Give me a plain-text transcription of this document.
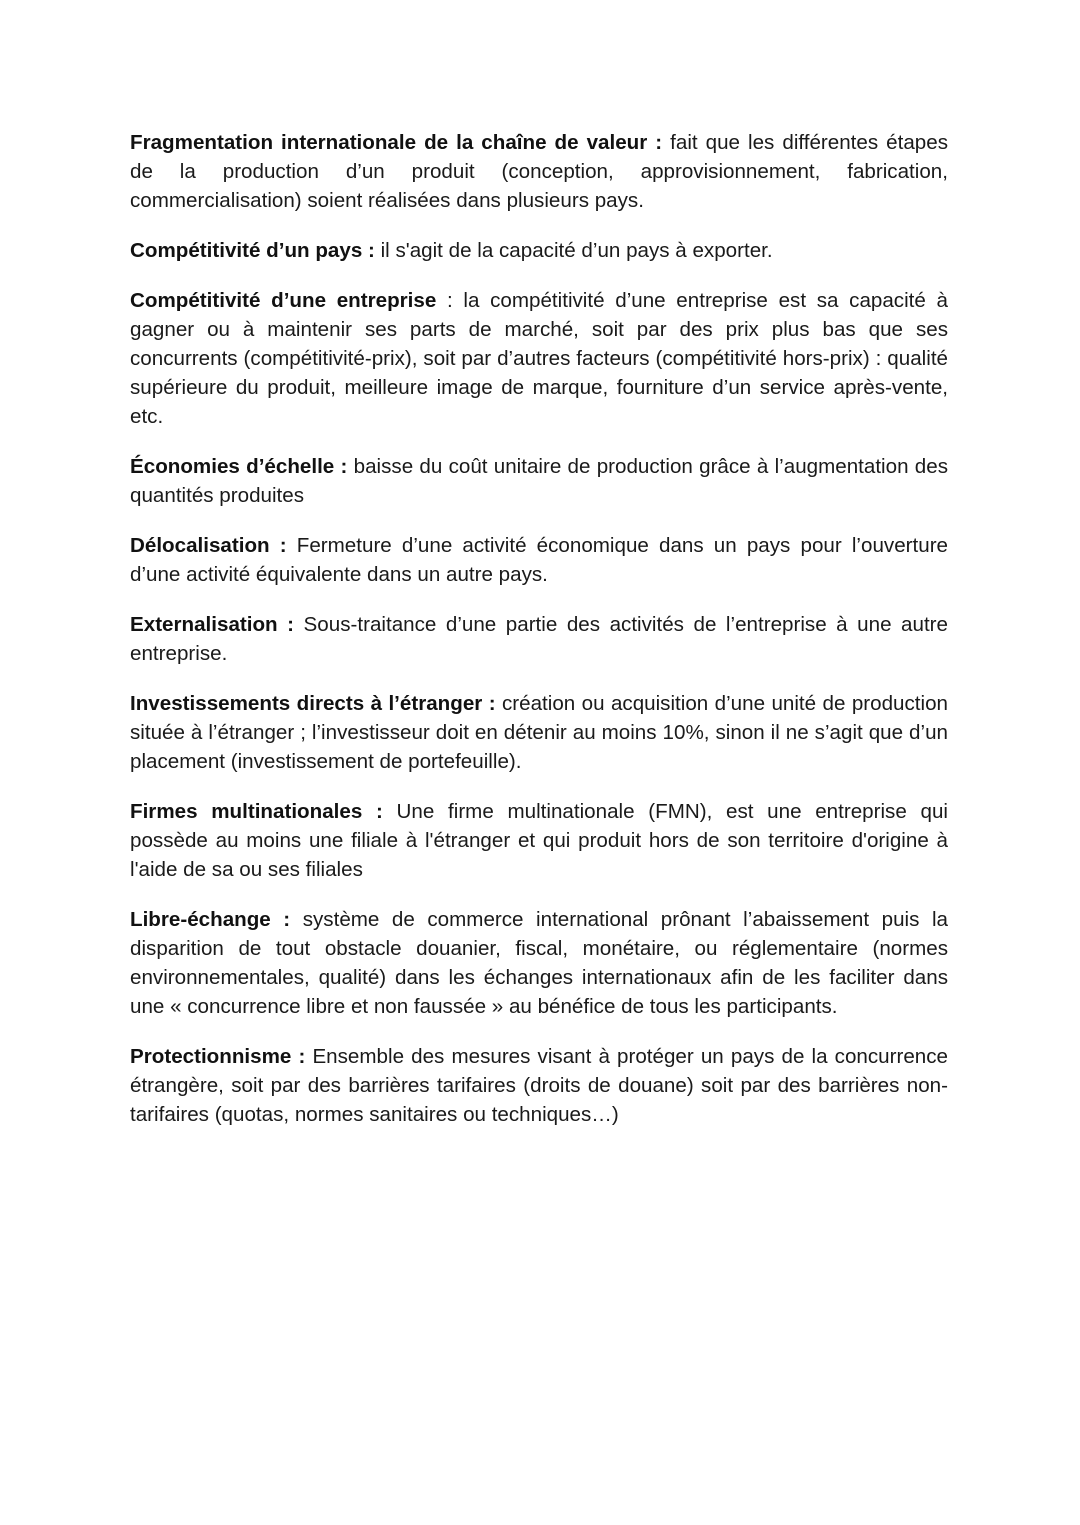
Fragmentation internationale de la chaîne de valeur : fait que les différentes étapes de la production d’un produit (conception, approvisionnement, fabrication, commercialisation) soient réalisées dans plusieurs pays.

Compétitivité d’un pays : il s'agit de la capacité d’un pays à exporter.

Compétitivité d’une entreprise : la compétitivité d’une entreprise est sa capacité à gagner ou à maintenir ses parts de marché, soit par des prix plus bas que ses concurrents (compétitivité-prix), soit par d’autres facteurs (compétitivité hors-prix) : qualité supérieure du produit, meilleure image de marque, fourniture d’un service après-vente, etc.

Économies d’échelle : baisse du coût unitaire de production grâce à l’augmentation des quantités produites

Délocalisation : Fermeture d’une activité économique dans un pays pour l’ouverture d’une activité équivalente dans un autre pays.

Externalisation : Sous-traitance d’une partie des activités de l’entreprise à une autre entreprise.

Investissements directs à l’étranger : création ou acquisition d’une unité de production située à l’étranger ; l’investisseur doit en détenir au moins 10%, sinon il ne s’agit que d’un placement (investissement de portefeuille).

Firmes multinationales : Une firme multinationale (FMN), est une entreprise qui possède au moins une filiale à l'étranger et qui produit hors de son territoire d'origine à l'aide de sa ou ses filiales

Libre-échange : système de commerce international prônant l’abaissement puis la disparition de tout obstacle douanier, fiscal, monétaire, ou réglementaire (normes environnementales, qualité) dans les échanges internationaux afin de les faciliter dans une « concurrence libre et non faussée » au bénéfice de tous les participants.

Protectionnisme : Ensemble des mesures visant à protéger un pays de la concurrence étrangère, soit par des barrières tarifaires (droits de douane) soit par des barrières non-tarifaires (quotas, normes sanitaires ou techniques…)
